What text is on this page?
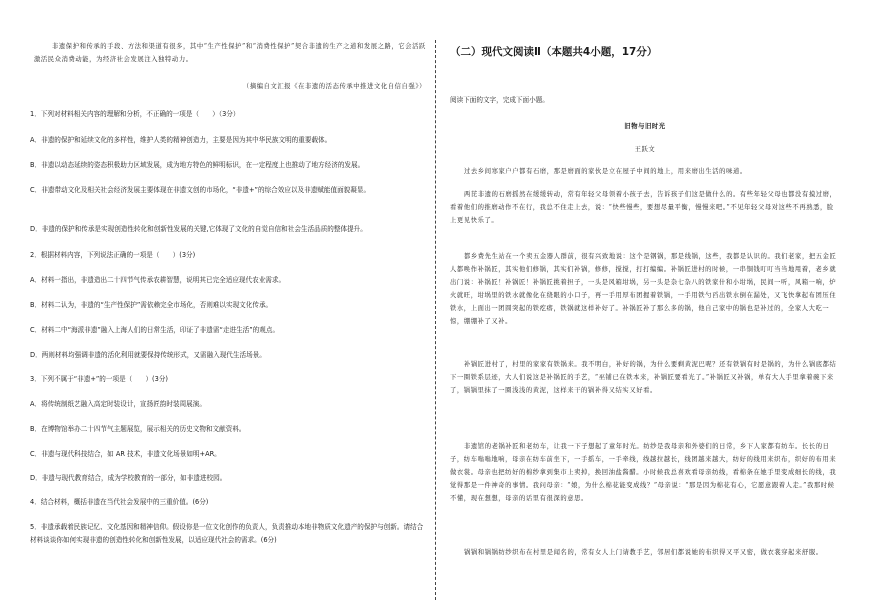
非遗保护和传承的手段、方法和渠道有很多，其中“生产性保护”和“消费性保护”契合非遗的生产之道和发展之路，它会活跃激活民众消费动能，为经济社会发展注入独特动力。

（摘编自文汇报《在非遗的活态传承中推进文化自信自强》）

1．下列对材料相关内容的理解和分析，不正确的一项是（　　）（3分）

A．非遗的保护和延续文化的多样性，维护人类的精神创造力，主要是因为其中华民族文明的重要载体。

B．非遗以动态延续的姿态积极助力区域发展，成为地方特色的鲜明标识，在一定程度上也推动了地方经济的发展。

C．非遗带动文化及相关社会经济发展主要体现在非遗文创的市场化，“非遗+”的综合效应以及非遗赋能值面貌凝显。

D．非遗的保护和传承是实现创造性转化和创新性发展的关键,它体现了文化的自觉自信和社会生活品质的整体提升。

2．根据材料内容，下列说法正确的一项是（　　）(3分)

A．材料一指出，非遗造出二十四节气传承农耕智慧，说明其已完全适应现代农业需求。

B．材料二认为，非遗的“生产性保护”需依赖完全市场化，否则难以实现文化传承。

C．材料二中“海派非遗”融入上海人们的日常生活，印证了非遗需“走进生活”的观点。

D．两则材料均强调非遗的活化利用就要保持传统形式，又需融入现代生活场景。

3．下列不属于“非遗+”的一项是（　　）(3分)

A．将传统制纸艺融入高定时装设计，宣扬匠韵时装周展演。

B．在博物馆举办二十四节气主题展览，展示相关的历史文物和文献资料。

C．非遗与现代科技结合，如 AR 技术，非遗文化场景如明+AR。

D．非遗与现代教育结合，成为学校教育的一部分，如非遗进校园。

4．结合材料，概括非遗在当代社会发展中的三重价值。(6分)

5．非遗承载着民族记忆、文化基因和精神信仰。假设你是一位文化创作的负责人，负责推动本地非物质文化遗产的保护与创新。请结合材料谈谈你如何实现非遗的创造性转化和创新性发展，以适应现代社会的需求。(6分)

（二）现代文阅读Ⅱ（本题共4小题，17分）

阅读下面的文字，完成下面小题。

旧物与旧时光

王跃文

过去乡间寒家户户都有石磨，那是磨面的家伙是立在屋子中间的地上，用来磨出生活的味道。

两芘非遗的石磨摇然在缓缓转动，常有年轻父母领着小孩子去，告诉孩子们这是做什么的。有些年轻父母也都没有摸过磨，看着他们的推磨动作不在行，我总不住走上去，说：“快些慢些，要想尽量平衡，慢慢来吧。”不见年轻父母对这些不再熟悉，脸上更见快乐了。

都乡费先生站在一个卖五金器人群前，很有兴致地说：这个是钢锅，那是线锅，这些，我都是认识的。我们老家，把五金匠人都唤作补锅匠，其实他们修锅，其实们补锅，修修，搅搅，打打编编。补锅匠进村的时候，一串铜钱叮叮当当地甩着，老乡就出门说：补锅匠！补锅匠！补锅匠挑着担子，一头是风箱坩埚，另一头是杂七杂八的铁家什和小坩埚，民间一听，风箱一响，炉火就旺，坩埚里的铁水就像化在绕眼的小口子，再一手用厚布团握着铁锅，一手用铁勺舀出铁水倒在漏处，又飞快拿起布团压住铁水，上面出一团圆突起的铁疙瘩，铁锅就这样补好了。补锅匠补了那么多的锅，他自己家中的锅也是补过的，全家人大吃一惊，绷绷补了又补。

补锅匠进村了，村里的家家有铁锅来。我不明白，补好的锅，为什么要剩黄泥巴呢？还有铁锅有时是锅的，为什么锅底都结下一圈铁系层迹，大人们说这是补锅匠的手艺，“巫铺已在铁本来，补锅匠要看光了。”补锅匠又补锅，单有大人手里拿着碗下来了，锅锅里抹了一圈浅浅的黄泥，这样来干的锅补得又结实又好看。

非遗馆的老锅补匠和老纺车，让我一下子想起了童年时光。纺纱是我母亲和外婆们的日常，乡下人家都有纺车。长长的日子，纺车嗡嗡地响，母亲在纺车前坐下，一手摇车，一手牵线，线越拉越长，线团越来越大，纺好的线用来织布，织好的布用来做衣裳。母亲也把纺好的棉纱拿到集市上卖掉，换回油盐酱醋。小时候我总喜欢看母亲纺线，看棉条在她手里变成细长的线，我觉得那是一件神奇的事情。我问母亲：“娘，为什么棉花能变成线？”母亲说：“那是因为棉花有心，它愿意跟着人走。”我那时候不懂，现在想想，母亲的话里有很深的意思。

锅锅和锅锅纺纱织布在村里是闻名的，常有女人上门请教手艺，邻居们都说她的布织得又平又密，做衣裳穿起来舒服。
